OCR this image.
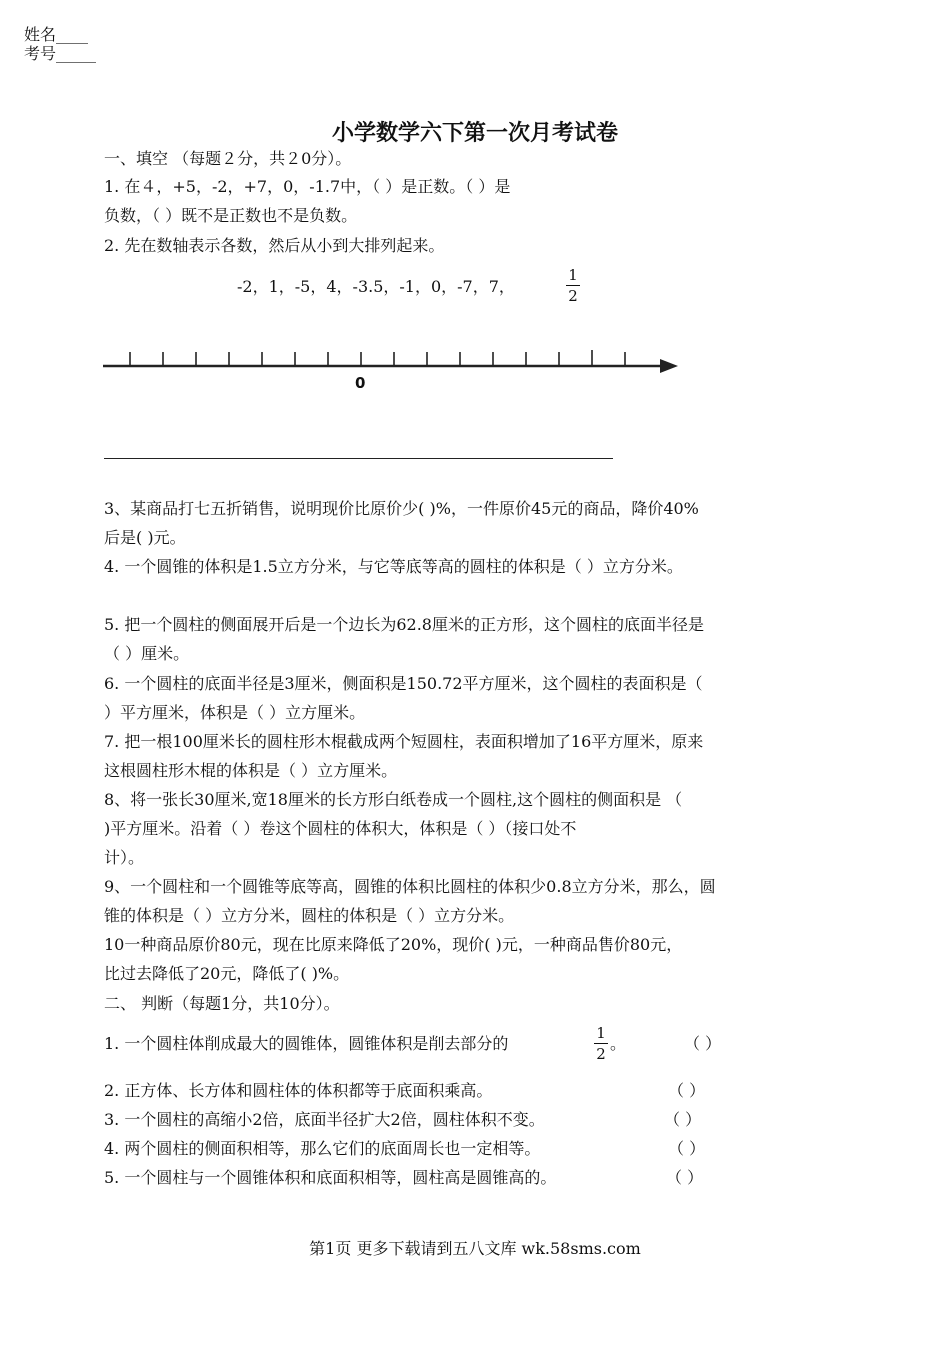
姓名____
考号_____
小学数学六下第一次月考试卷
一、填空 （每题２分，共２0分）。
1. 在４，+5，-2，+7，0，-1.7中，（ ）是正数。（ ）是
负数，（ ）既不是正数也不是负数。
2. 先在数轴表示各数，然后从小到大排列起来。
-2，1，-5，4，-3.5，-1，0，-7，7，
1
2
0
3、某商品打七五折销售，说明现价比原价少( )%，一件原价45元的商品，降价40%
后是( )元。
4. 一个圆锥的体积是1.5立方分米，与它等底等高的圆柱的体积是（ ）立方分米。
5. 把一个圆柱的侧面展开后是一个边长为62.8厘米的正方形，这个圆柱的底面半径是
（ ）厘米。
6. 一个圆柱的底面半径是3厘米，侧面积是150.72平方厘米，这个圆柱的表面积是（
）平方厘米，体积是（ ）立方厘米。
7. 把一根100厘米长的圆柱形木棍截成两个短圆柱，表面积增加了16平方厘米，原来
这根圆柱形木棍的体积是（ ）立方厘米。
8、将一张长30厘米,宽18厘米的长方形白纸卷成一个圆柱,这个圆柱的侧面积是 （
)平方厘米。沿着（ ）卷这个圆柱的体积大，体积是（ ）（接口处不
计）。
9、一个圆柱和一个圆锥等底等高，圆锥的体积比圆柱的体积少0.8立方分米，那么，圆
锥的体积是（ ）立方分米，圆柱的体积是（ ）立方分米。
10一种商品原价80元，现在比原来降低了20%，现价( )元，一种商品售价80元，
比过去降低了20元，降低了( )%。
二、 判断（每题1分，共10分）。
1. 一个圆柱体削成最大的圆锥体，圆锥体积是削去部分的
1
2
。	（ ）
2. 正方体、长方体和圆柱体的体积都等于底面积乘高。	（ ）
3. 一个圆柱的高缩小2倍，底面半径扩大2倍，圆柱体积不变。	（ ）
4. 两个圆柱的侧面积相等，那么它们的底面周长也一定相等。	（ ）
5. 一个圆柱与一个圆锥体积和底面积相等，圆柱高是圆锥高的。	（ ）
第1页 更多下载请到五八文库 wk.58sms.com
